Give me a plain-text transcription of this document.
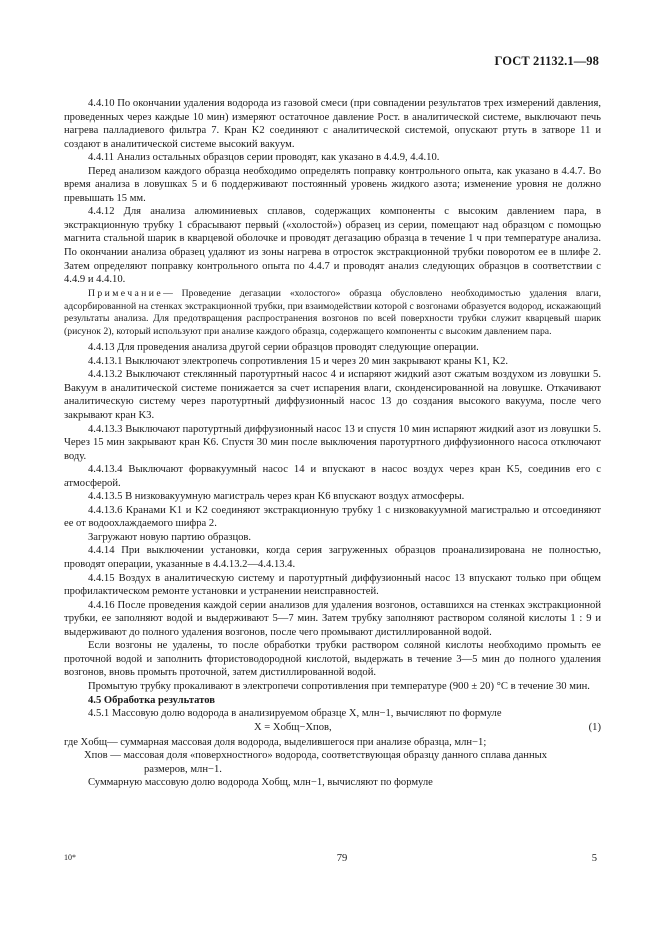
ГОСТ 21132.1—98

4.4.10 По окончании удаления водорода из газовой смеси (при совпадении результатов трех измерений давления, проведенных через каждые 10 мин) измеряют остаточное давление Pост. в аналитической системе, выключают печь нагрева палладиевого фильтра 7. Кран K2 соединяют с аналитической системой, опускают ртуть в затворе 11 и создают в аналитической системе высокий вакуум.

4.4.11 Анализ остальных образцов серии проводят, как указано в 4.4.9, 4.4.10.

Перед анализом каждого образца необходимо определять поправку контрольного опыта, как указано в 4.4.7. Во время анализа в ловушках 5 и 6 поддерживают постоянный уровень жидкого азота; изменение уровня не должно превышать 15 мм.

4.4.12 Для анализа алюминиевых сплавов, содержащих компоненты с высоким давлением пара, в экстракционную трубку 1 сбрасывают первый («холостой») образец из серии, помещают над образцом с помощью магнита стальной шарик в кварцевой оболочке и проводят дегазацию образца в течение 1 ч при температуре анализа. По окончании анализа образец удаляют из зоны нагрева в отросток экстракционной трубки поворотом ее в шлифе 2. Затем определяют поправку контрольного опыта по 4.4.7 и проводят анализ следующих образцов в соответствии с 4.4.9 и 4.4.10.

Примечание— Проведение дегазации «холостого» образца обусловлено необходимостью удаления влаги, адсорбированной на стенках экстракционной трубки, при взаимодействии которой с возгонами образуется водород, искажающий результаты анализа. Для предотвращения распространения возгонов по всей поверхности трубки служит кварцевый шарик (рисунок 2), который используют при анализе каждого образца, содержащего компоненты с высоким давлением пара.

4.4.13 Для проведения анализа другой серии образцов проводят следующие операции.

4.4.13.1 Выключают электропечь сопротивления 15 и через 20 мин закрывают краны K1, K2.

4.4.13.2 Выключают стеклянный паротуртный насос 4 и испаряют жидкий азот сжатым воздухом из ловушки 5. Вакуум в аналитической системе понижается за счет испарения влаги, сконденсированной на ловушке. Откачивают аналитическую систему через паротуртный диффузионный насос 13 до создания высокого вакуума, после чего закрывают кран K3.

4.4.13.3 Выключают паротуртный диффузионный насос 13 и спустя 10 мин испаряют жидкий азот из ловушки 5. Через 15 мин закрывают кран K6. Спустя 30 мин после выключения паротуртного диффузионного насоса отключают воду.

4.4.13.4 Выключают форвакуумный насос 14 и впускают в насос воздух через кран K5, соединив его с атмосферой.

4.4.13.5 В низковакуумную магистраль через кран K6 впускают воздух атмосферы.

4.4.13.6 Кранами K1 и K2 соединяют экстракционную трубку 1 с низковакуумной магистралью и отсоединяют ее от водоохлаждаемого шифра 2.

Загружают новую партию образцов.

4.4.14 При выключении установки, когда серия загруженных образцов проанализирована не полностью, проводят операции, указанные в 4.4.13.2—4.4.13.4.

4.4.15 Воздух в аналитическую систему и паротуртный диффузионный насос 13 впускают только при общем профилактическом ремонте установки и устранении неисправностей.

4.4.16 После проведения каждой серии анализов для удаления возгонов, оставшихся на стенках экстракционной трубки, ее заполняют водой и выдерживают 5—7 мин. Затем трубку заполняют раствором соляной кислоты 1 : 9 и выдерживают до полного удаления возгонов, после чего промывают дистиллированной водой.

Если возгоны не удалены, то после обработки трубки раствором соляной кислоты необходимо промыть ее проточной водой и заполнить фтористоводородной кислотой, выдержать в течение 3—5 мин до полного удаления возгонов, вновь промыть проточной, затем дистиллированной водой.

Промытую трубку прокаливают в электропечи сопротивления при температуре (900 ± 20) °C в течение 30 мин.

4.5 Обработка результатов

4.5.1 Массовую долю водорода в анализируемом образце X, млн−1, вычисляют по формуле

X = Xобщ−Xпов,	(1)
где Xобщ — суммарная массовая доля водорода, выделившегося при анализе образца, млн−1;
Xпов — массовая доля «поверхностного» водорода, соответствующая образцу данного сплава данных
размеров, млн−1.

Суммарную массовую долю водорода Xобщ, млн−1, вычисляют по формуле

10*	79	5
